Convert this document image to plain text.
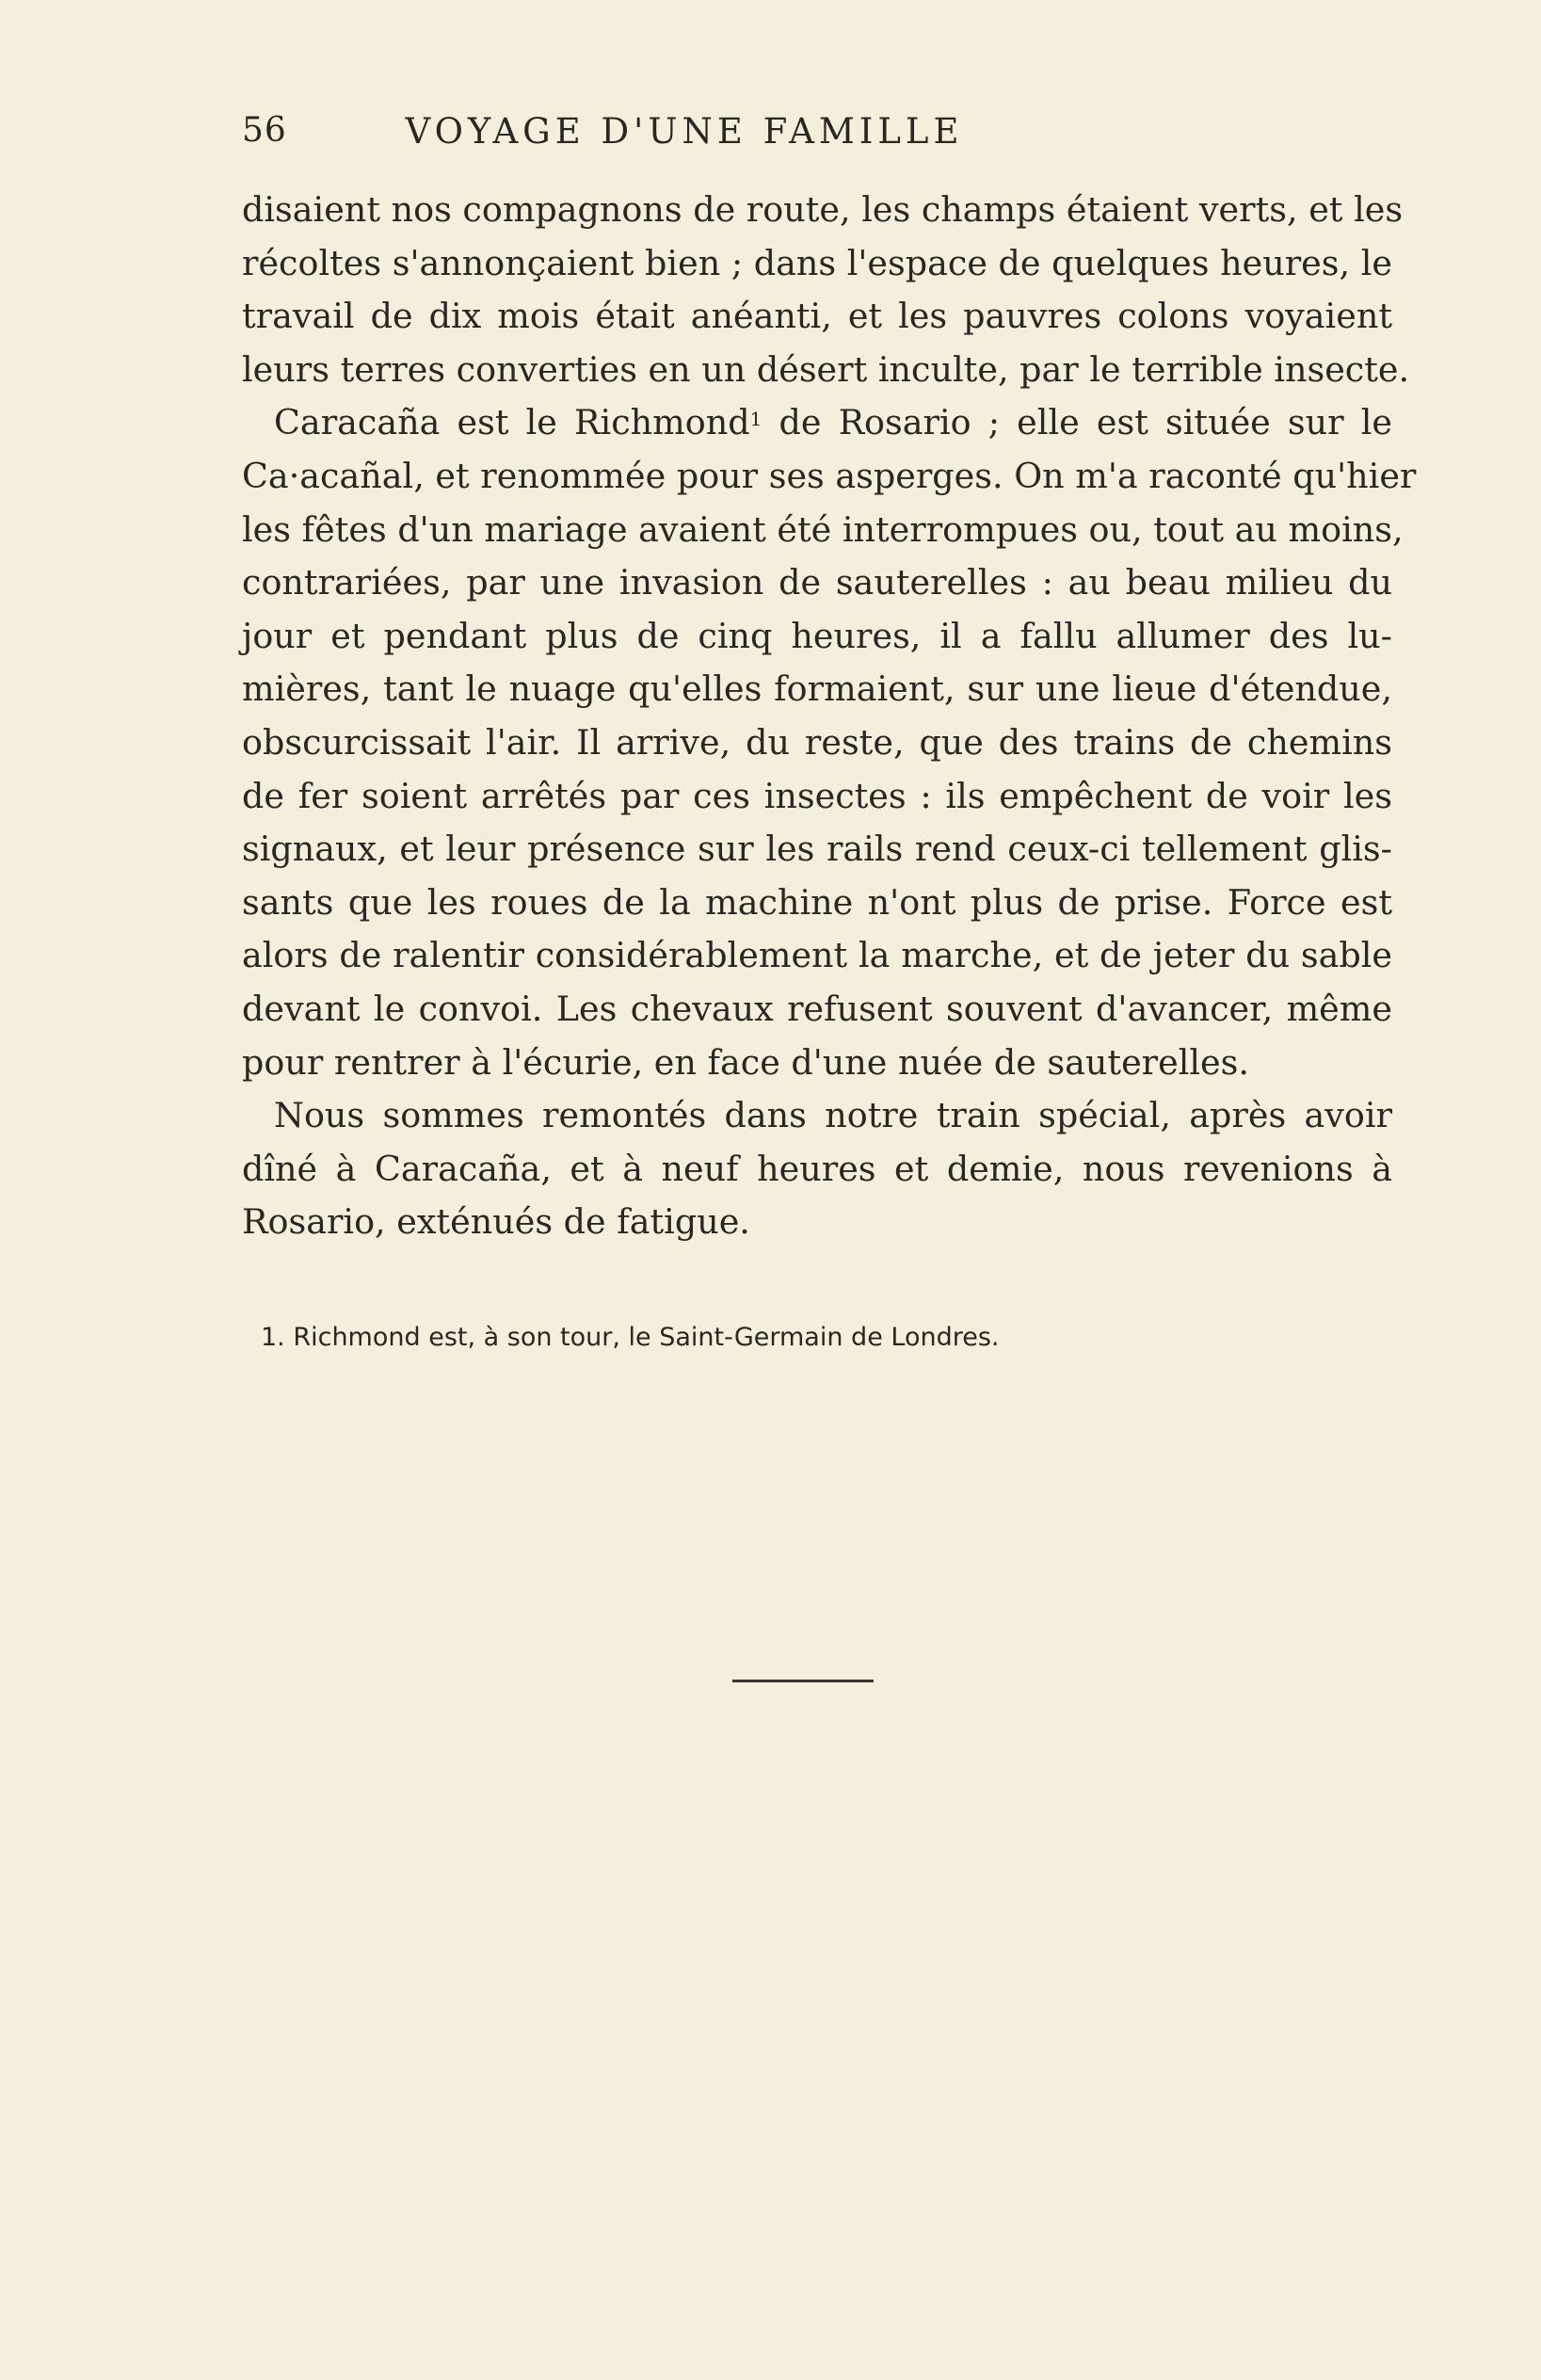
56	VOYAGE D'UNE FAMILLE

disaient nos compagnons de route, les champs étaient verts, et les
récoltes s'annonçaient bien ; dans l'espace de quelques heures, le
travail de dix mois était anéanti, et les pauvres colons voyaient
leurs terres converties en un désert inculte, par le terrible insecte.

Caracaña est le Richmond$^1$ de Rosario ; elle est située sur le
Ca·acañal, et renommée pour ses asperges. On m'a raconté qu'hier
les fêtes d'un mariage avaient été interrompues ou, tout au moins,
contrariées, par une invasion de sauterelles : au beau milieu du
jour et pendant plus de cinq heures, il a fallu allumer des lu-
mières, tant le nuage qu'elles formaient, sur une lieue d'étendue,
obscurcissait l'air. Il arrive, du reste, que des trains de chemins
de fer soient arrêtés par ces insectes : ils empêchent de voir les
signaux, et leur présence sur les rails rend ceux-ci tellement glis-
sants que les roues de la machine n'ont plus de prise. Force est
alors de ralentir considérablement la marche, et de jeter du sable
devant le convoi. Les chevaux refusent souvent d'avancer, même
pour rentrer à l'écurie, en face d'une nuée de sauterelles.

Nous sommes remontés dans notre train spécial, après avoir
dîné à Caracaña, et à neuf heures et demie, nous revenions à
Rosario, exténués de fatigue.

1. Richmond est, à son tour, le Saint-Germain de Londres.
